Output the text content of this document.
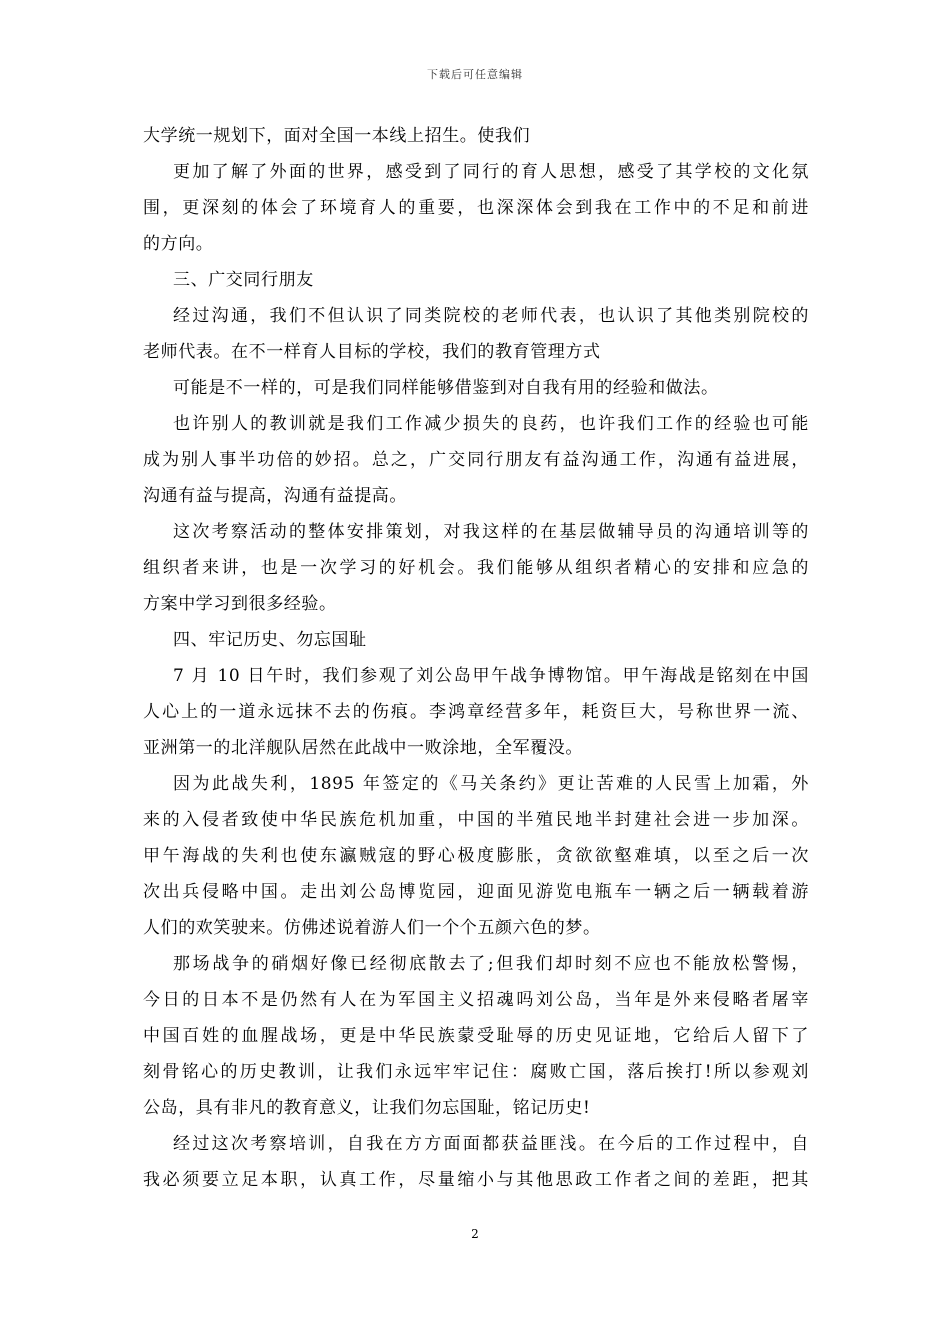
下载后可任意编辑
大学统一规划下，面对全国一本线上招生。使我们
更加了解了外面的世界，感受到了同行的育人思想，感受了其学校的文化氛
围，更深刻的体会了环境育人的重要，也深深体会到我在工作中的不足和前进
的方向。
三、广交同行朋友
经过沟通，我们不但认识了同类院校的老师代表，也认识了其他类别院校的
老师代表。在不一样育人目标的学校，我们的教育管理方式
可能是不一样的，可是我们同样能够借鉴到对自我有用的经验和做法。
也许别人的教训就是我们工作减少损失的良药，也许我们工作的经验也可能
成为别人事半功倍的妙招。总之，广交同行朋友有益沟通工作，沟通有益进展，
沟通有益与提高，沟通有益提高。
这次考察活动的整体安排策划，对我这样的在基层做辅导员的沟通培训等的
组织者来讲，也是一次学习的好机会。我们能够从组织者精心的安排和应急的
方案中学习到很多经验。
四、牢记历史、勿忘国耻
7 月 10 日午时，我们参观了刘公岛甲午战争博物馆。甲午海战是铭刻在中国
人心上的一道永远抹不去的伤痕。李鸿章经营多年，耗资巨大，号称世界一流、
亚洲第一的北洋舰队居然在此战中一败涂地，全军覆没。
因为此战失利，1895 年签定的《马关条约》更让苦难的人民雪上加霜，外
来的入侵者致使中华民族危机加重，中国的半殖民地半封建社会进一步加深。
甲午海战的失利也使东瀛贼寇的野心极度膨胀，贪欲欲壑难填，以至之后一次
次出兵侵略中国。走出刘公岛博览园，迎面见游览电瓶车一辆之后一辆载着游
人们的欢笑驶来。仿佛述说着游人们一个个五颜六色的梦。
那场战争的硝烟好像已经彻底散去了;但我们却时刻不应也不能放松警惕，
今日的日本不是仍然有人在为军国主义招魂吗刘公岛，当年是外来侵略者屠宰
中国百姓的血腥战场，更是中华民族蒙受耻辱的历史见证地，它给后人留下了
刻骨铭心的历史教训，让我们永远牢牢记住：腐败亡国，落后挨打!所以参观刘
公岛，具有非凡的教育意义，让我们勿忘国耻，铭记历史!
经过这次考察培训，自我在方方面面都获益匪浅。在今后的工作过程中，自
我必须要立足本职，认真工作，尽量缩小与其他思政工作者之间的差距，把其
2
